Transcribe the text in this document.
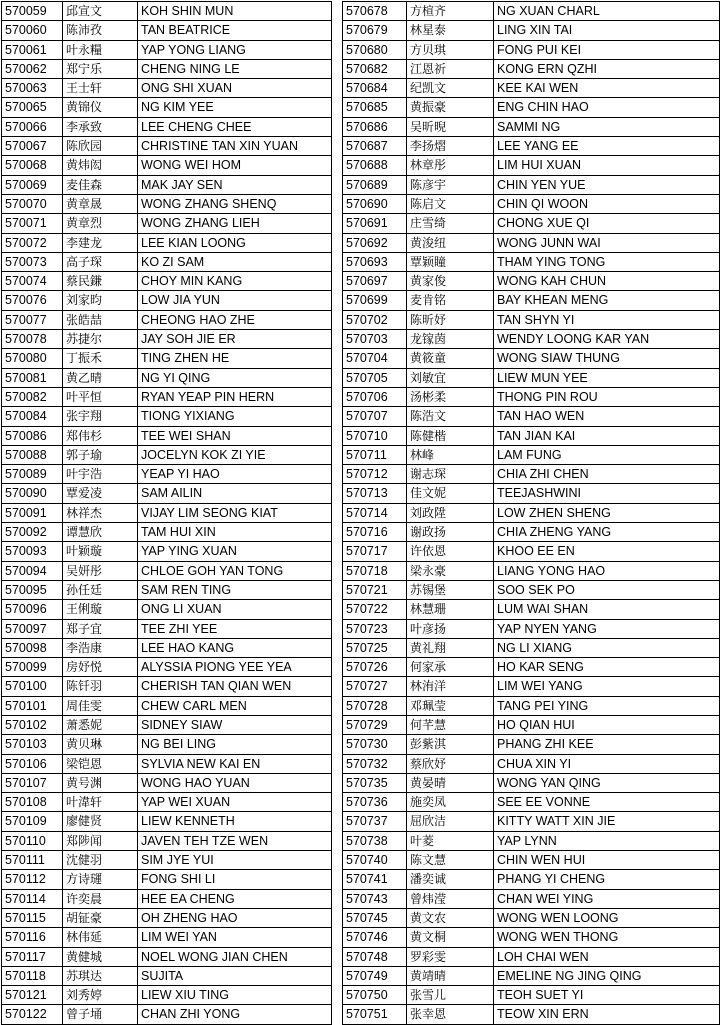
570059	邱宣文	KOH SHIN MUN
570060	陈沛孜	TAN BEATRICE
570061	叶永糧	YAP YONG LIANG
570062	郑宁乐	CHENG NING LE
570063	王士轩	ONG SHI XUAN
570065	黄锦仪	NG KIM YEE
570066	李承致	LEE CHENG CHEE
570067	陈欣园	CHRISTINE TAN XIN YUAN
570068	黄炜闳	WONG WEI HOM
570069	麦佳森	MAK JAY SEN
570070	黄章晟	WONG ZHANG SHENQ
570071	黄章烈	WONG ZHANG LIEH
570072	李建龙	LEE KIAN LOONG
570073	高子琛	KO ZI SAM
570074	蔡民鎌	CHOY MIN KANG
570076	刘家昀	LOW JIA YUN
570077	张皓喆	CHEONG HAO ZHE
570078	苏捷尔	JAY SOH JIE ER
570080	丁振禾	TING ZHEN HE
570081	黄乙晴	NG YI QING
570082	叶平恒	RYAN YEAP PIN HERN
570084	张宇翔	TIONG YIXIANG
570086	郑伟杉	TEE WEI SHAN
570088	郭子瑜	JOCELYN KOK ZI YIE
570089	叶宇浩	YEAP YI HAO
570090	覃爱凌	SAM AILIN
570091	林祥杰	VIJAY LIM SEONG KIAT
570092	谭慧欣	TAM HUI XIN
570093	叶颖璇	YAP YING XUAN
570094	吴妍彤	CHLOE GOH YAN TONG
570095	孙任廷	SAM REN TING
570096	王俐璇	ONG LI XUAN
570097	郑子宜	TEE ZHI YEE
570098	李浩康	LEE HAO KANG
570099	房妤悦	ALYSSIA PIONG YEE YEA
570100	陈钎羽	CHERISH TAN QIAN WEN
570101	周佳雯	CHEW CARL MEN
570102	萧悉妮	SIDNEY SIAW
570103	黄贝琳	NG BEI LING
570106	梁铠恩	SYLVIA NEW KAI EN
570107	黄号渊	WONG HAO YUAN
570108	叶湋轩	YAP WEI XUAN
570109	廖健贤	LIEW KENNETH
570110	郑陟闻	JAVEN TEH TZE WEN
570111	沈健羽	SIM JYE YUI
570112	方诗璭	FONG SHI LI
570114	许奕晨	HEE EA CHENG
570115	胡钲豪	OH ZHENG HAO
570116	林伟延	LIM WEI YAN
570117	黄健城	NOEL WONG JIAN CHEN
570118	苏琪达	SUJITA
570121	刘秀婷	LIEW XIU TING
570122	曾子埇	CHAN ZHI YONG
570678	方楦齐	NG XUAN CHARL
570679	林星泰	LING XIN TAI
570680	方贝琪	FONG PUI KEI
570682	江恩祈	KONG ERN QZHI
570684	纪凯文	KEE KAI WEN
570685	黄振豪	ENG CHIN HAO
570686	吴昕晲	SAMMI NG
570687	李扬熠	LEE YANG EE
570688	林章彤	LIM HUI XUAN
570689	陈彦宇	CHIN YEN YUE
570690	陈启文	CHIN QI WOON
570691	庄雪绮	CHONG XUE QI
570692	黄浚纽	WONG JUNN WAI
570693	覃颖瞳	THAM YING TONG
570697	黄家俊	WONG KAH CHUN
570699	麦肯铭	BAY KHEAN MENG
570702	陈昕妤	TAN SHYN YI
570703	龙镓茵	WENDY LOONG KAR YAN
570704	黄筱童	WONG SIAW THUNG
570705	刘敏宜	LIEW MUN YEE
570706	汤彬柔	THONG PIN ROU
570707	陈浩文	TAN HAO WEN
570710	陈健楷	TAN JIAN KAI
570711	林峰	LAM FUNG
570712	谢志琛	CHIA ZHI CHEN
570713	佳文妮	TEEJASHWINI
570714	刘政陞	LOW ZHEN SHENG
570716	谢政扬	CHIA ZHENG YANG
570717	许依恩	KHOO EE EN
570718	梁永豪	LIANG YONG HAO
570721	苏锡堡	SOO SEK PO
570722	林慧珊	LUM WAI SHAN
570723	叶彦扬	YAP NYEN YANG
570725	黄礼翔	NG LI XIANG
570726	何家承	HO KAR SENG
570727	林洧洋	LIM WEI YANG
570728	邓珮莹	TANG PEI YING
570729	何芊慧	HO QIAN HUI
570730	彭紫淇	PHANG ZHI KEE
570732	蔡欣妤	CHUA XIN YI
570735	黄晏晴	WONG YAN QING
570736	施奕凤	SEE EE VONNE
570737	屈欣洁	KITTY WATT XIN JIE
570738	叶菱	YAP LYNN
570740	陈文慧	CHIN WEN HUI
570741	潘奕诚	PHANG YI CHENG
570743	曾炜滢	CHAN WEI YING
570745	黄文农	WONG WEN LOONG
570746	黄文桐	WONG WEN THONG
570748	罗彩雯	LOH CHAI WEN
570749	黄靖晴	EMELINE NG JING QING
570750	张雪儿	TEOH SUET YI
570751	张幸恩	TEOW XIN ERN
